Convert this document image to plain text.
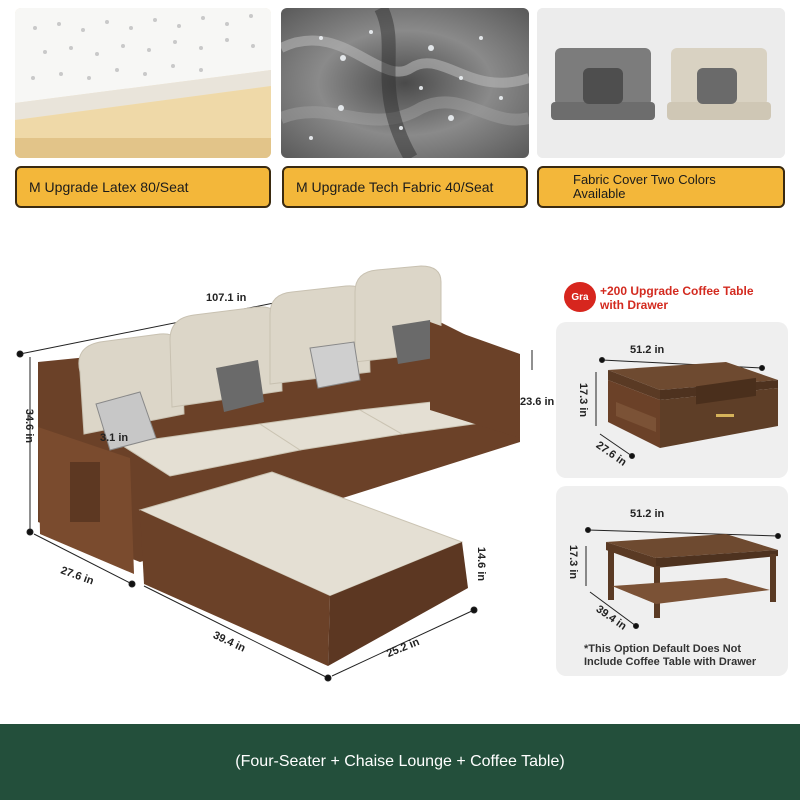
M Upgrade Latex 80/Seat	M Upgrade Tech Fabric 40/Seat	Fabric Cover Two Colors Available
107.1 in
34.6 in	3.1 in
23.6 in
27.6 in
39.4 in	25.2 in
14.6 in
Gra +200 Upgrade Coffee Table
with Drawer
51.2 in
17.3 in
27.6 in
51.2 in
17.3 in
39.4 in
*This Option Default Does Not
Include Coffee Table with Drawer
(Four-Seater + Chaise Lounge + Coffee Table)
